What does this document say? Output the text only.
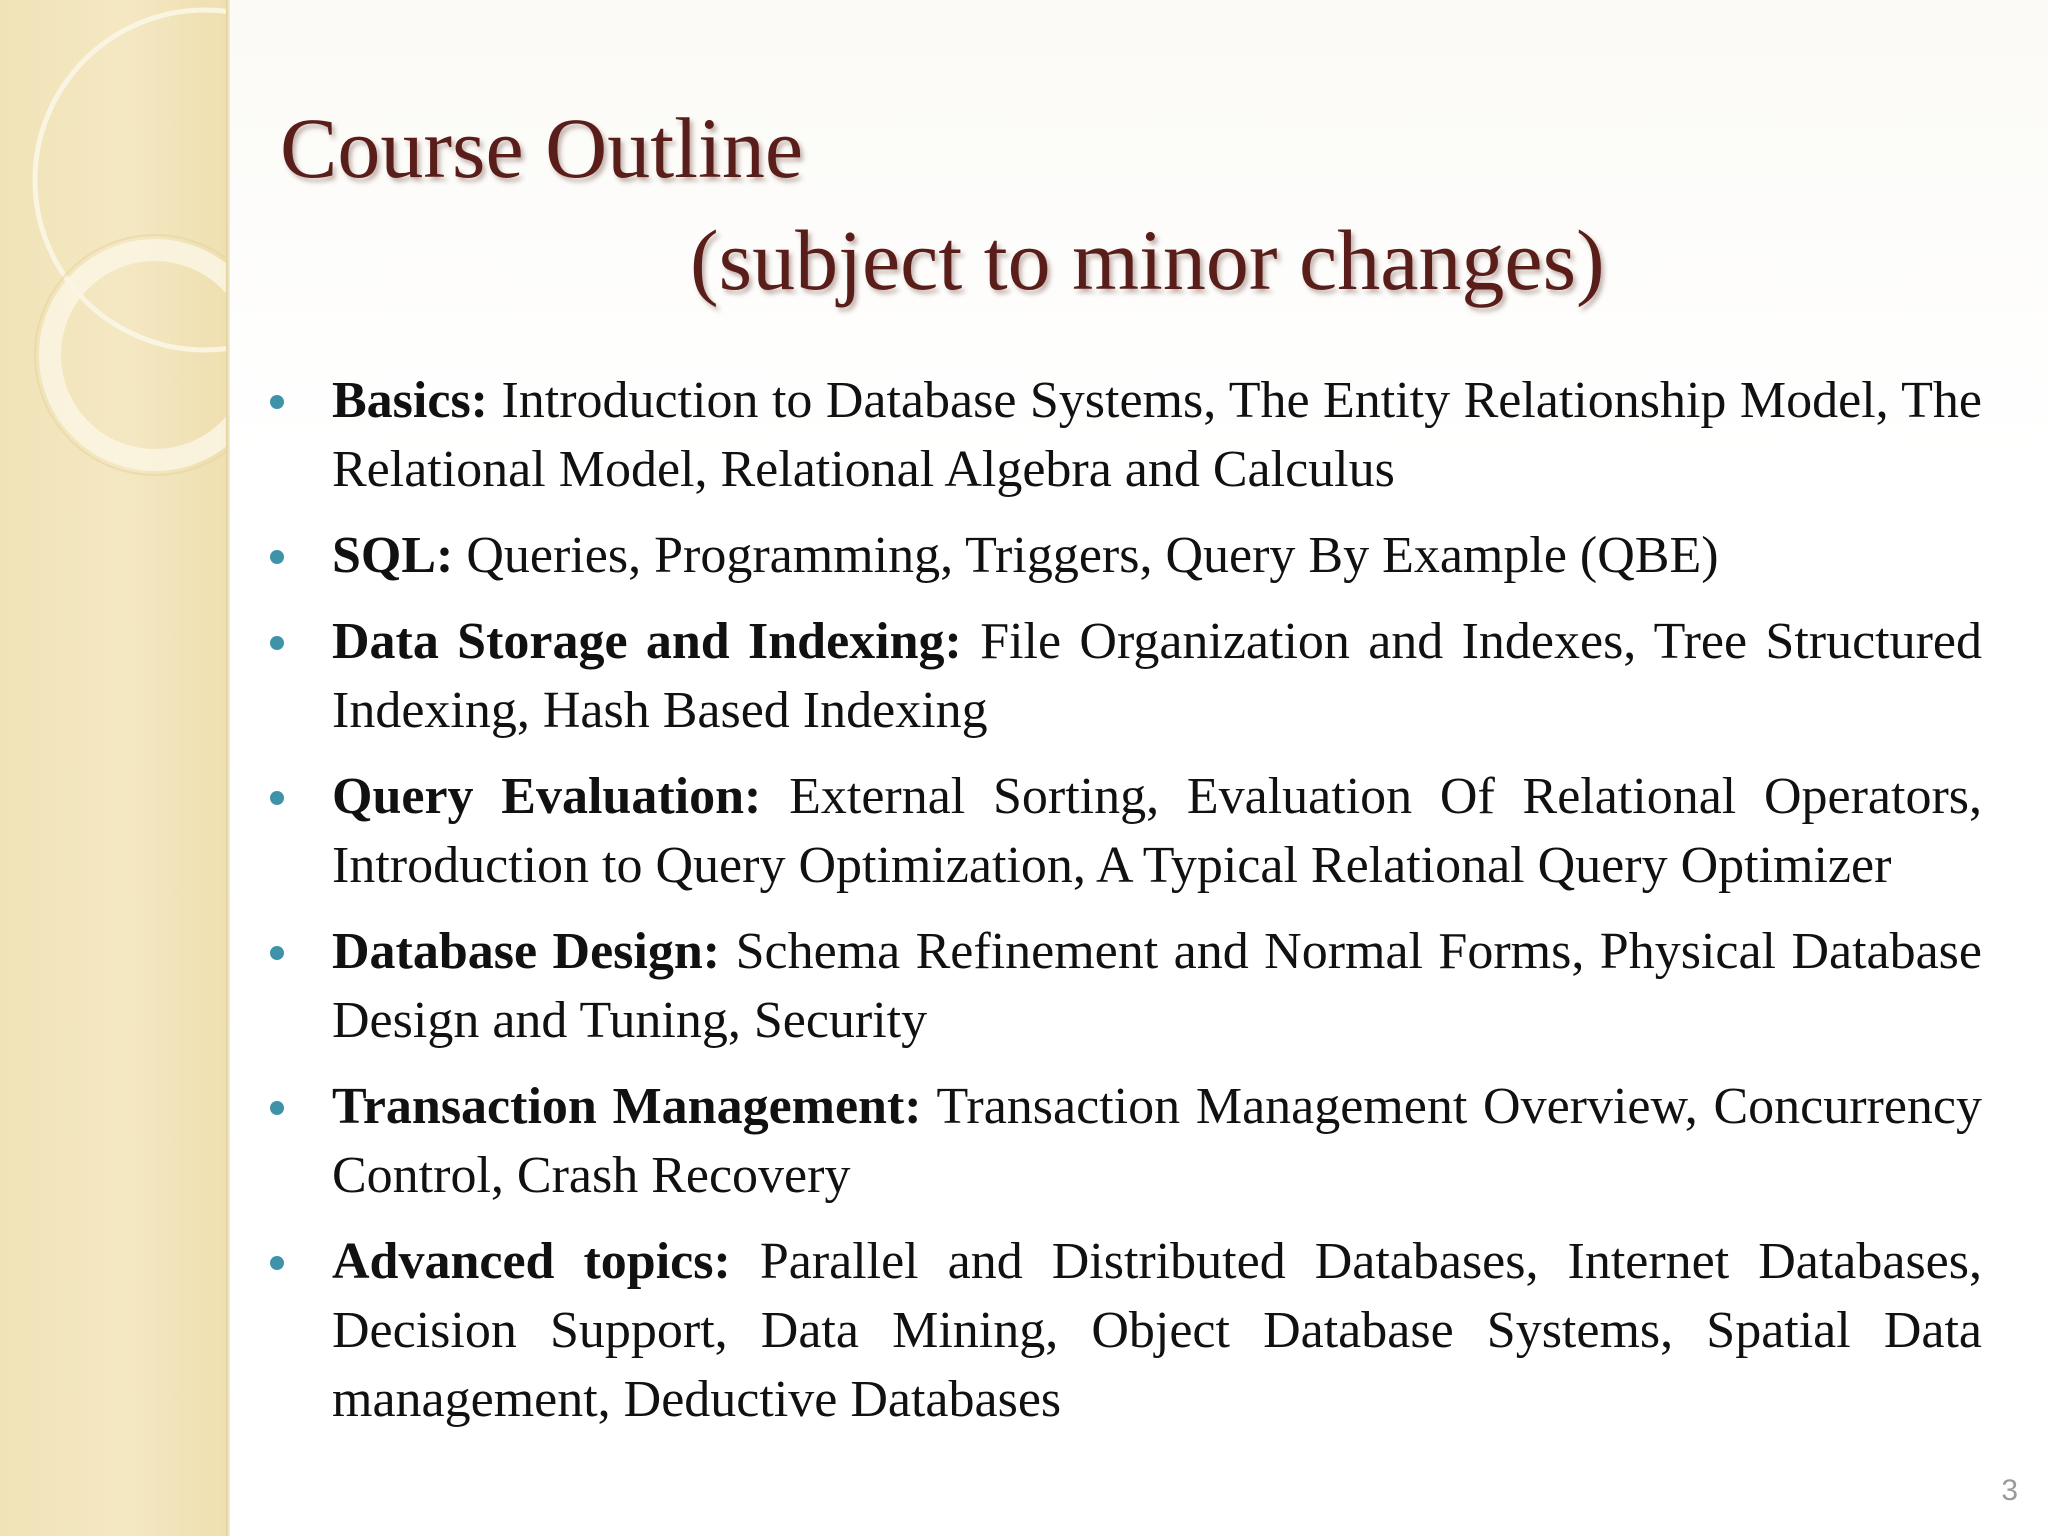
Course Outline
(subject to minor changes)
Basics: Introduction to Database Systems, The Entity Relationship Model, The Relational Model, Relational Algebra and Calculus
SQL: Queries, Programming, Triggers, Query By Example (QBE)
Data Storage and Indexing: File Organization and Indexes, Tree Structured Indexing, Hash Based Indexing
Query Evaluation: External Sorting, Evaluation Of Relational Operators, Introduction to Query Optimization, A Typical Relational Query Optimizer
Database Design: Schema Refinement and Normal Forms, Physical Database Design and Tuning, Security
Transaction Management: Transaction Management Overview, Concurrency Control, Crash Recovery
Advanced topics: Parallel and Distributed Databases, Internet Databases, Decision Support, Data Mining, Object Database Systems, Spatial Data management, Deductive Databases
3
